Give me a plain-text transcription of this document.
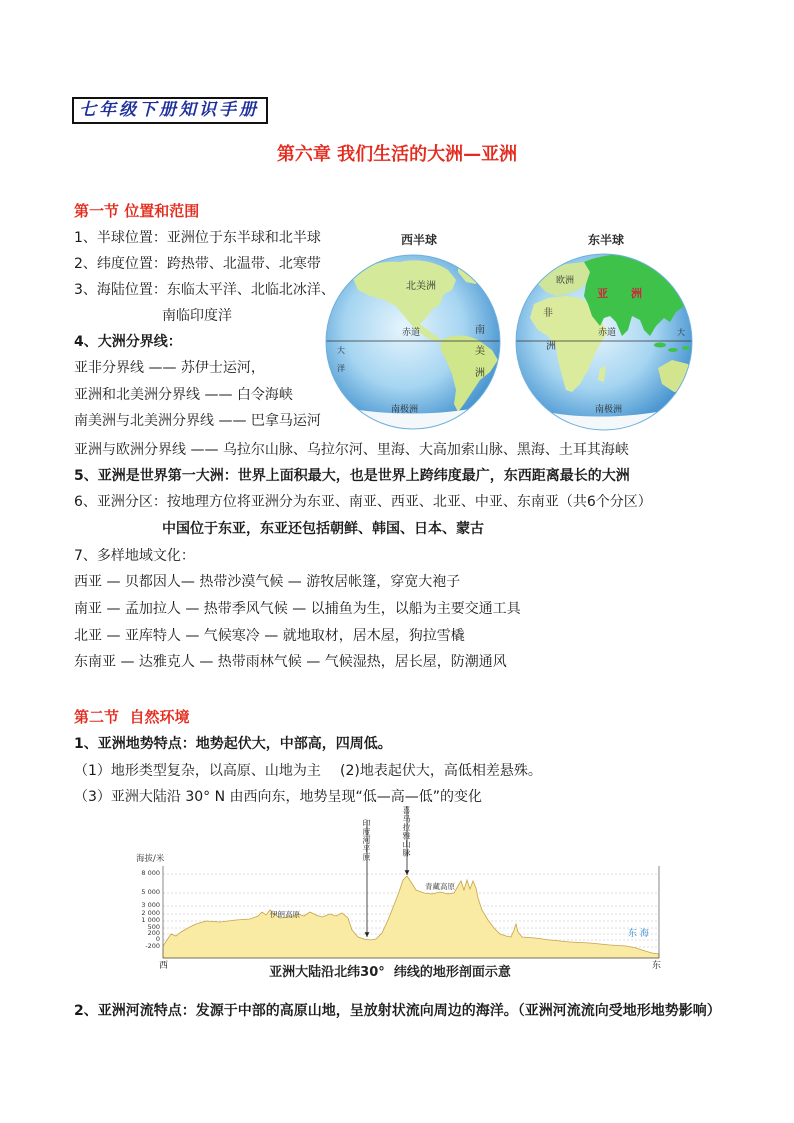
七年级下册知识手册
第六章 我们生活的大洲—亚洲
第一节 位置和范围
1、半球位置：亚洲位于东半球和北半球
2、纬度位置：跨热带、北温带、北寒带
3、海陆位置：东临太平洋、北临北冰洋、
南临印度洋
4、大洲分界线：
亚非分界线 —— 苏伊士运河，
亚洲和北美洲分界线 —— 白令海峡
南美洲与北美洲分界线 —— 巴拿马运河
亚洲与欧洲分界线 —— 乌拉尔山脉、乌拉尔河、里海、大高加索山脉、黑海、土耳其海峡
5、亚洲是世界第一大洲：世界上面积最大，也是世界上跨纬度最广，东西距离最长的大洲
6、亚洲分区：按地理方位将亚洲分为东亚、南亚、西亚、北亚、中亚、东南亚（共6个分区）
中国位于东亚，东亚还包括朝鲜、韩国、日本、蒙古
7、多样地域文化：
西亚 — 贝都因人— 热带沙漠气候 — 游牧居帐篷，穿宽大袍子
南亚 — 孟加拉人 — 热带季风气候 — 以捕鱼为生，以船为主要交通工具
北亚 — 亚库特人 — 气候寒冷 — 就地取材，居木屋，狗拉雪橇
东南亚 — 达雅克人 — 热带雨林气候 — 气候湿热，居长屋，防潮通风
西半球
北美洲
赤道	南
美
洲
大
洋
南极洲
东半球
欧洲
亚 洲
非
洲
赤道	大
南极洲
第二节  自然环境
1、亚洲地势特点：地势起伏大，中部高，四周低。
（1）地形类型复杂，以高原、山地为主 (2)地表起伏大，高低相差悬殊。
（3）亚洲大陆沿 30° N 由西向东，地势呈现“低—高—低”的变化
海拔/米
8 000
5 000
3 000
2 000
1 000
500
200
0
-200
印度河平原	喜马拉雅山脉
伊朗高原
青藏高原
东 海
西	东
亚洲大陆沿北纬30°  纬线的地形剖面示意
2、亚洲河流特点：发源于中部的高原山地，呈放射状流向周边的海洋。（亚洲河流流向受地形地势影响）
